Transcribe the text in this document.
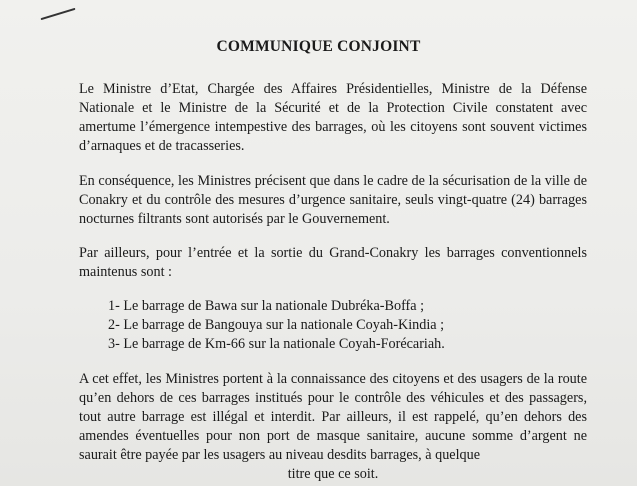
COMMUNIQUE CONJOINT

Le Ministre d’Etat, Chargée des Affaires Présidentielles, Ministre de la Défense Nationale et le Ministre de la Sécurité et de la Protection Civile constatent avec amertume l’émergence intempestive des barrages, où les citoyens sont souvent victimes d’arnaques et de tracasseries.

En conséquence, les Ministres précisent que dans le cadre de la sécurisation de la ville de Conakry et du contrôle des mesures d’urgence sanitaire, seuls vingt-quatre (24) barrages nocturnes filtrants sont autorisés par le Gouvernement.

Par ailleurs, pour l’entrée et la sortie du Grand-Conakry les barrages conventionnels maintenus sont :

1- Le barrage de Bawa sur la nationale Dubréka-Boffa ;
2- Le barrage de Bangouya sur la nationale Coyah-Kindia ;
3- Le barrage de Km-66 sur la nationale Coyah-Forécariah.

A cet effet, les Ministres portent à la connaissance des citoyens et des usagers de la route qu’en dehors de ces barrages institués pour le contrôle des véhicules et des passagers, tout autre barrage est illégal et interdit. Par ailleurs, il est rappelé, qu’en dehors des amendes éventuelles pour non port de masque sanitaire, aucune somme d’argent ne saurait être payée par les usagers au niveau desdits barrages, à quelque
titre que ce soit.
